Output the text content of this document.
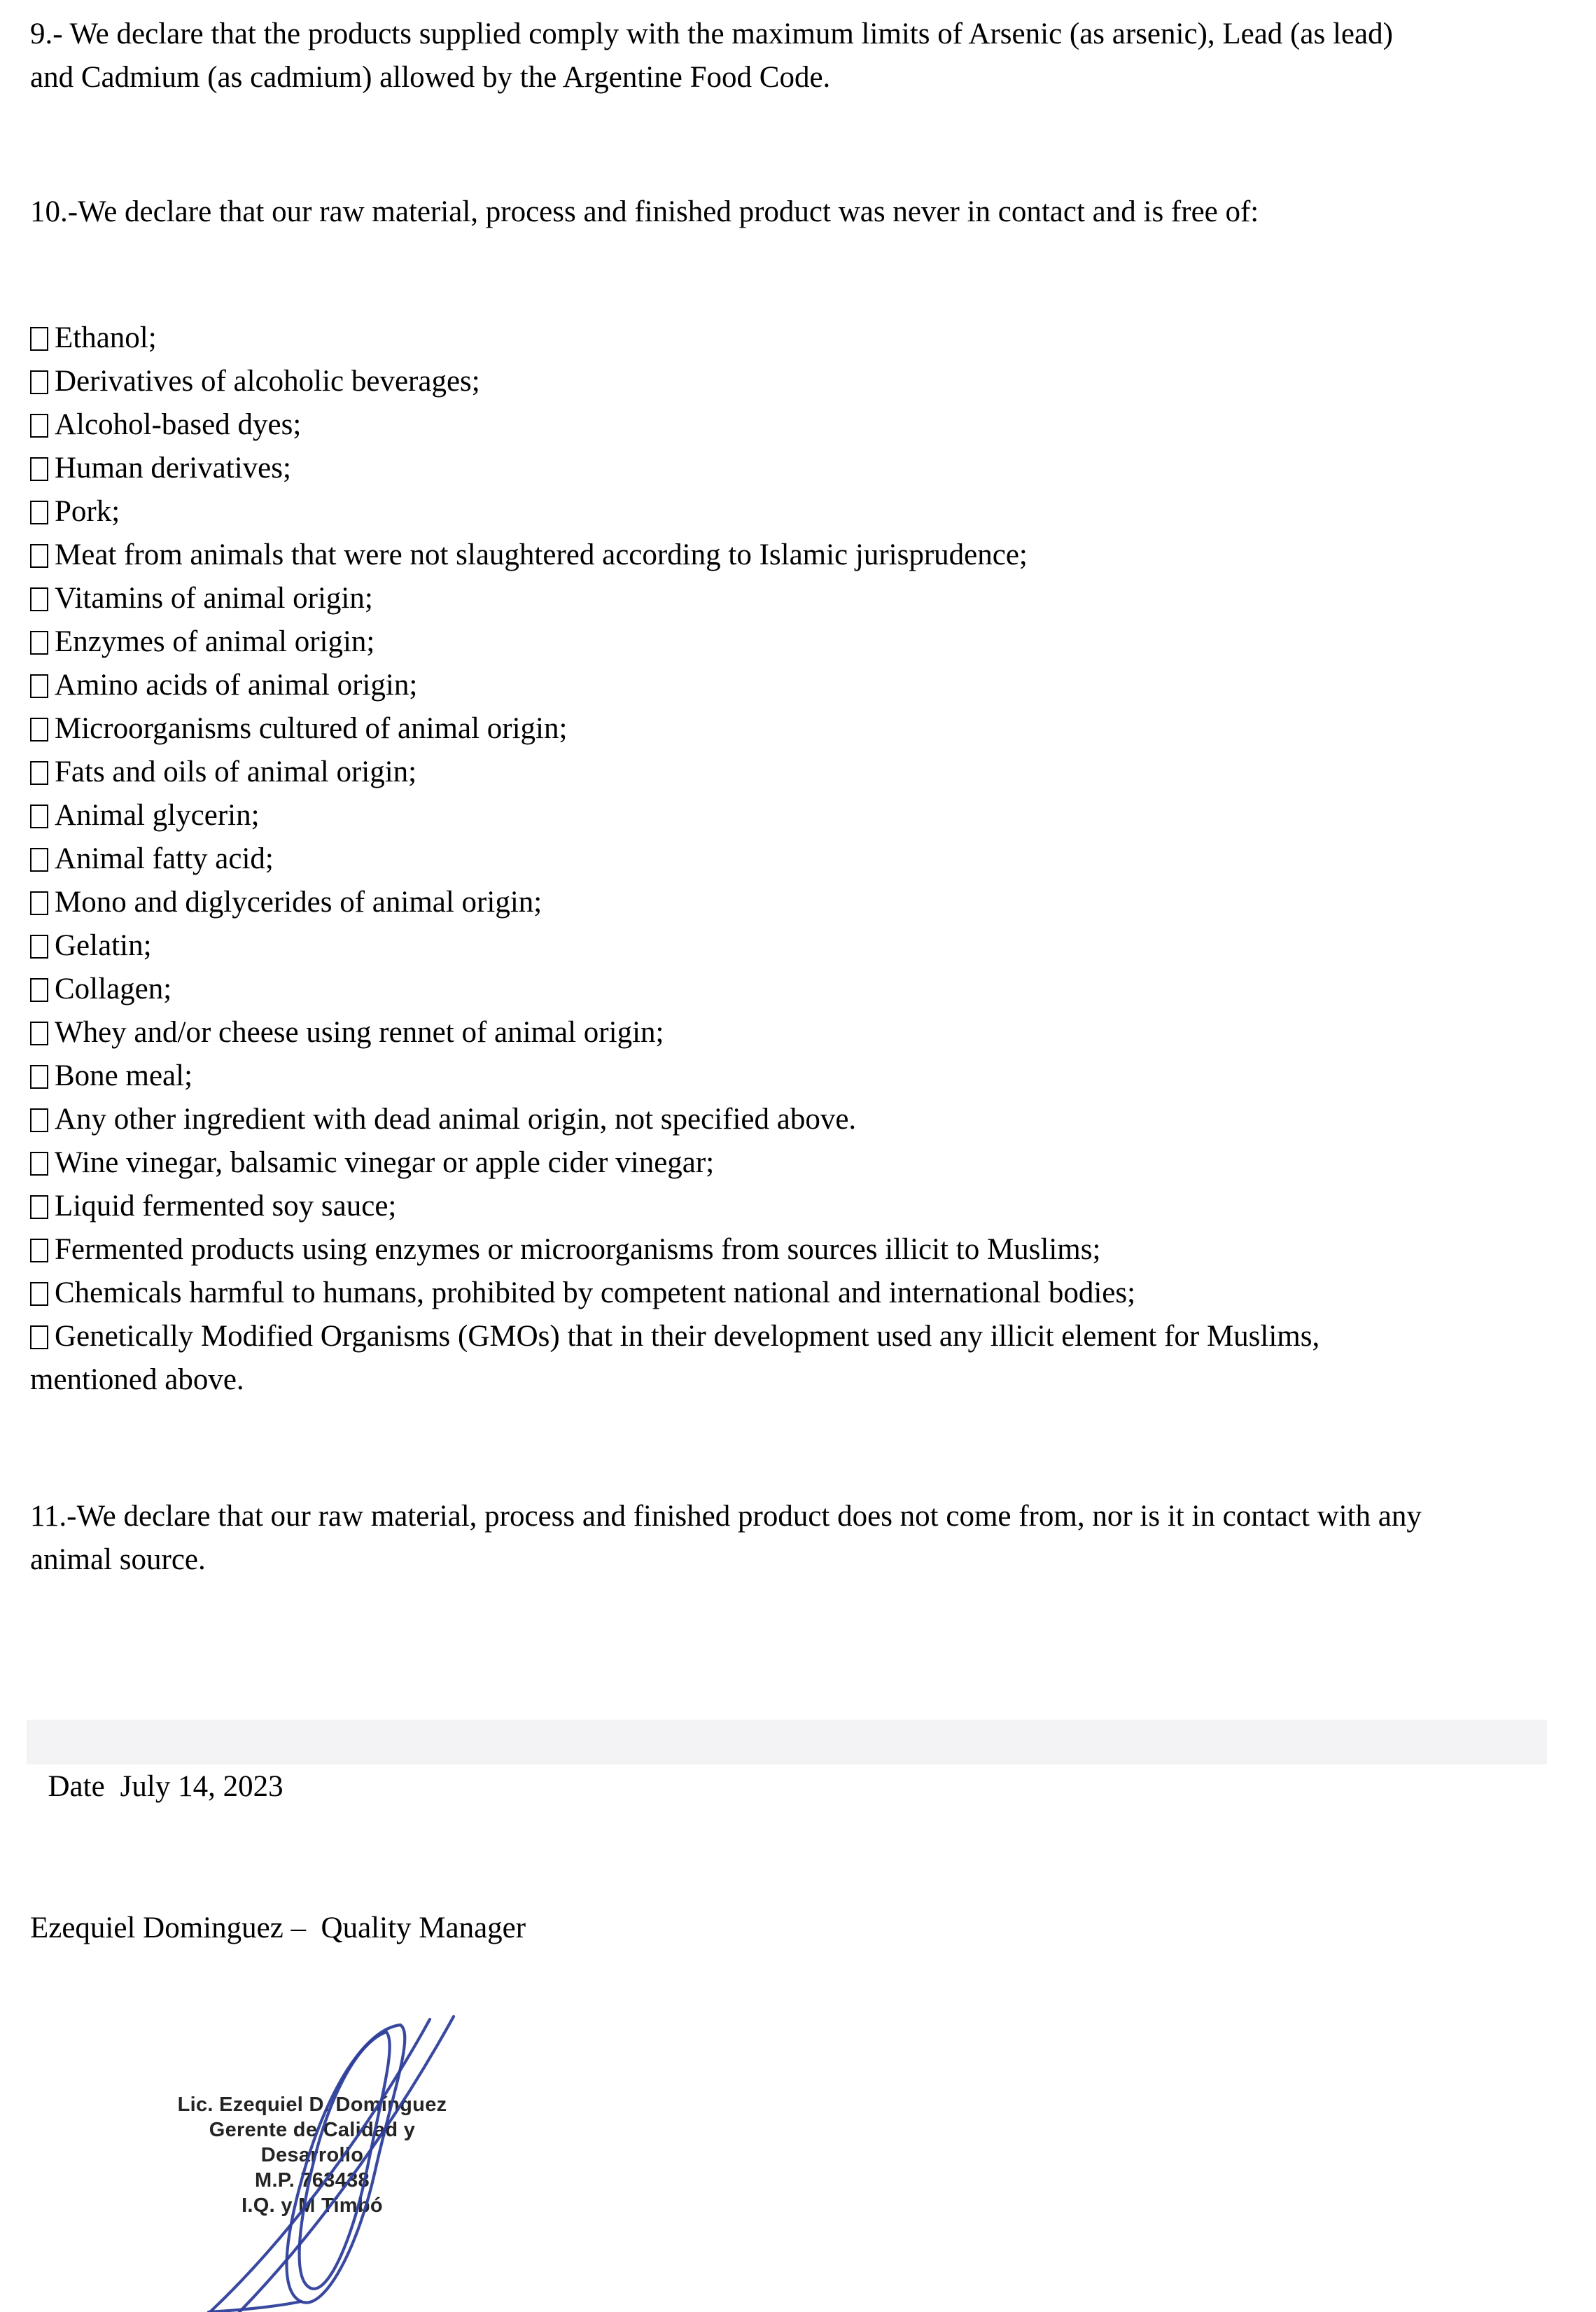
9.- We declare that the products supplied comply with the maximum limits of Arsenic (as arsenic), Lead (as lead)
and Cadmium (as cadmium) allowed by the Argentine Food Code.
10.-We declare that our raw material, process and finished product was never in contact and is free of:
Ethanol;
Derivatives of alcoholic beverages;
Alcohol-based dyes;
Human derivatives;
Pork;
Meat from animals that were not slaughtered according to Islamic jurisprudence;
Vitamins of animal origin;
Enzymes of animal origin;
Amino acids of animal origin;
Microorganisms cultured of animal origin;
Fats and oils of animal origin;
Animal glycerin;
Animal fatty acid;
Mono and diglycerides of animal origin;
Gelatin;
Collagen;
Whey and/or cheese using rennet of animal origin;
Bone meal;
Any other ingredient with dead animal origin, not specified above.
Wine vinegar, balsamic vinegar or apple cider vinegar;
Liquid fermented soy sauce;
Fermented products using enzymes or microorganisms from sources illicit to Muslims;
Chemicals harmful to humans, prohibited by competent national and international bodies;
Genetically Modified Organisms (GMOs) that in their development used any illicit element for Muslims,
mentioned above.
11.-We declare that our raw material, process and finished product does not come from, nor is it in contact with any
animal source.

Date July 14, 2023

Ezequiel Dominguez –  Quality Manager
Lic. Ezequiel D. Domínguez
Gerente de Calidad y Desarrollo
M.P. 763438
I.Q. y M Timbó
